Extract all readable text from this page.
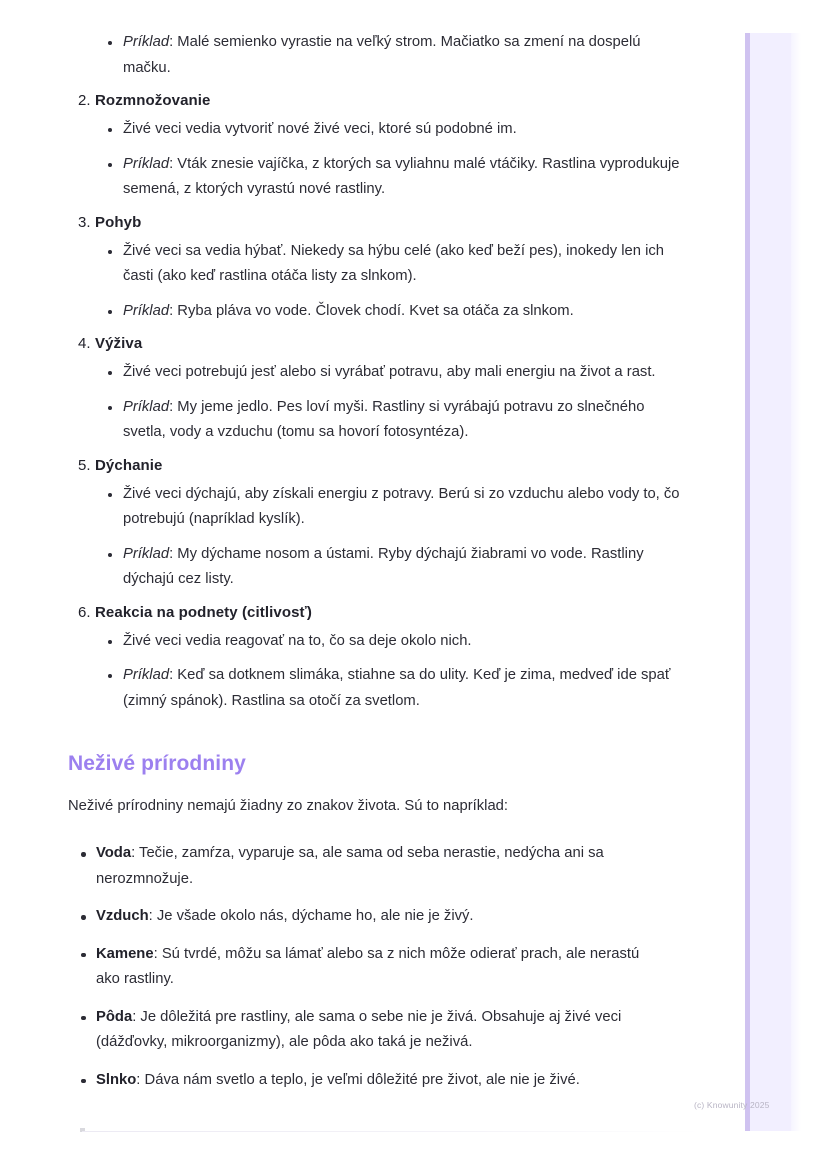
Príklad: Malé semienko vyrastie na veľký strom. Mačiatko sa zmení na dospelú mačku.
2. Rozmnožovanie
Živé veci vedia vytvoriť nové živé veci, ktoré sú podobné im.
Príklad: Vták znesie vajíčka, z ktorých sa vyliahnu malé vtáčiky. Rastlina vyprodukuje semená, z ktorých vyrastú nové rastliny.
3. Pohyb
Živé veci sa vedia hýbať. Niekedy sa hýbu celé (ako keď beží pes), inokedy len ich časti (ako keď rastlina otáča listy za slnkom).
Príklad: Ryba pláva vo vode. Človek chodí. Kvet sa otáča za slnkom.
4. Výživa
Živé veci potrebujú jesť alebo si vyrábať potravu, aby mali energiu na život a rast.
Príklad: My jeme jedlo. Pes loví myši. Rastliny si vyrábajú potravu zo slnečného svetla, vody a vzduchu (tomu sa hovorí fotosyntéza).
5. Dýchanie
Živé veci dýchajú, aby získali energiu z potravy. Berú si zo vzduchu alebo vody to, čo potrebujú (napríklad kyslík).
Príklad: My dýchame nosom a ústami. Ryby dýchajú žiabrami vo vode. Rastliny dýchajú cez listy.
6. Reakcia na podnety (citlivosť)
Živé veci vedia reagovať na to, čo sa deje okolo nich.
Príklad: Keď sa dotknem slimáka, stiahne sa do ulity. Keď je zima, medveď ide spať (zimný spánok). Rastlina sa otočí za svetlom.
Neživé prírodniny

Neživé prírodniny nemajú žiadny zo znakov života. Sú to napríklad:

Voda: Tečie, zamŕza, vyparuje sa, ale sama od seba nerastie, nedýcha ani sa nerozmnožuje.
Vzduch: Je všade okolo nás, dýchame ho, ale nie je živý.
Kamene: Sú tvrdé, môžu sa lámať alebo sa z nich môže odierať prach, ale nerastú ako rastliny.
Pôda: Je dôležitá pre rastliny, ale sama o sebe nie je živá. Obsahuje aj živé veci (dážďovky, mikroorganizmy), ale pôda ako taká je neživá.
Slnko: Dáva nám svetlo a teplo, je veľmi dôležité pre život, ale nie je živé.
(c) Knowunity 2025
